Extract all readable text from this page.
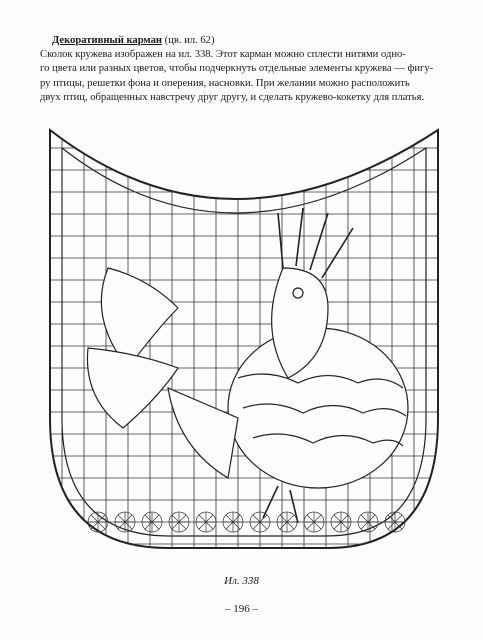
Декоративный карман (цв. ил. 62)
Сколок кружева изображен на ил. 338. Этот карман можно сплести нитями одно-
го цвета или разных цветов, чтобы подчеркнуть отдельные элементы кружева — фигу-
ру птицы, решетки фона и оперения, насновки. При желании можно расположить
двух птиц, обращенных навстречу друг другу, и сделать кружево-кокетку для платья.
Ил. 338
– 196 –
